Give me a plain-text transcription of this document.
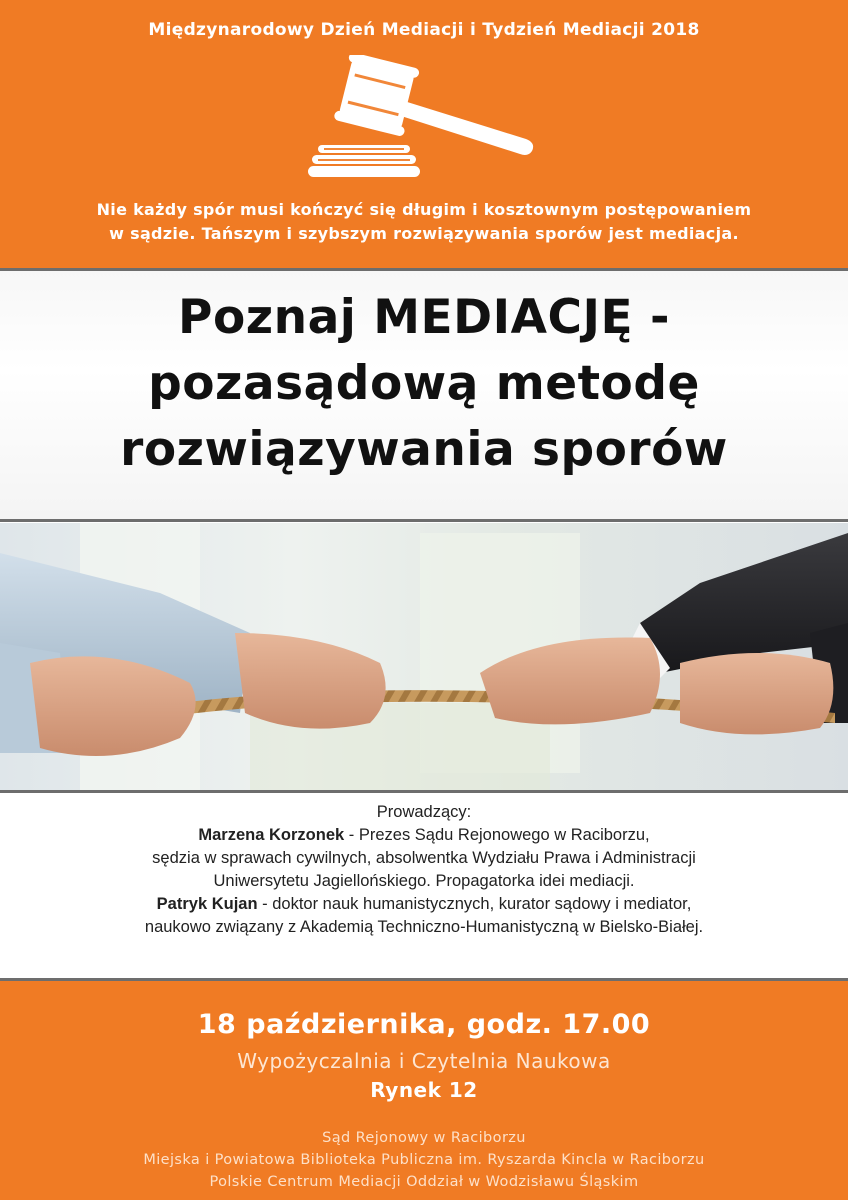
Międzynarodowy Dzień Mediacji i Tydzień Mediacji 2018
Nie każdy spór musi kończyć się długim i kosztownym postępowaniem
w sądzie. Tańszym i szybszym rozwiązywania sporów jest mediacja.
Poznaj MEDIACJĘ -
pozasądową metodę
rozwiązywania sporów
Prowadzący:
Marzena Korzonek - Prezes Sądu Rejonowego w Raciborzu,
sędzia w sprawach cywilnych, absolwentka Wydziału Prawa i Administracji
Uniwersytetu Jagiellońskiego. Propagatorka idei mediacji.
Patryk Kujan - doktor nauk humanistycznych, kurator sądowy i mediator,
naukowo związany z Akademią Techniczno-Humanistyczną w Bielsko-Białej.
18 października, godz. 17.00
Wypożyczalnia i Czytelnia Naukowa
Rynek 12
Sąd Rejonowy w Raciborzu
Miejska i Powiatowa Biblioteka Publiczna im. Ryszarda Kincla w Raciborzu
Polskie Centrum Mediacji Oddział w Wodzisławu Śląskim
